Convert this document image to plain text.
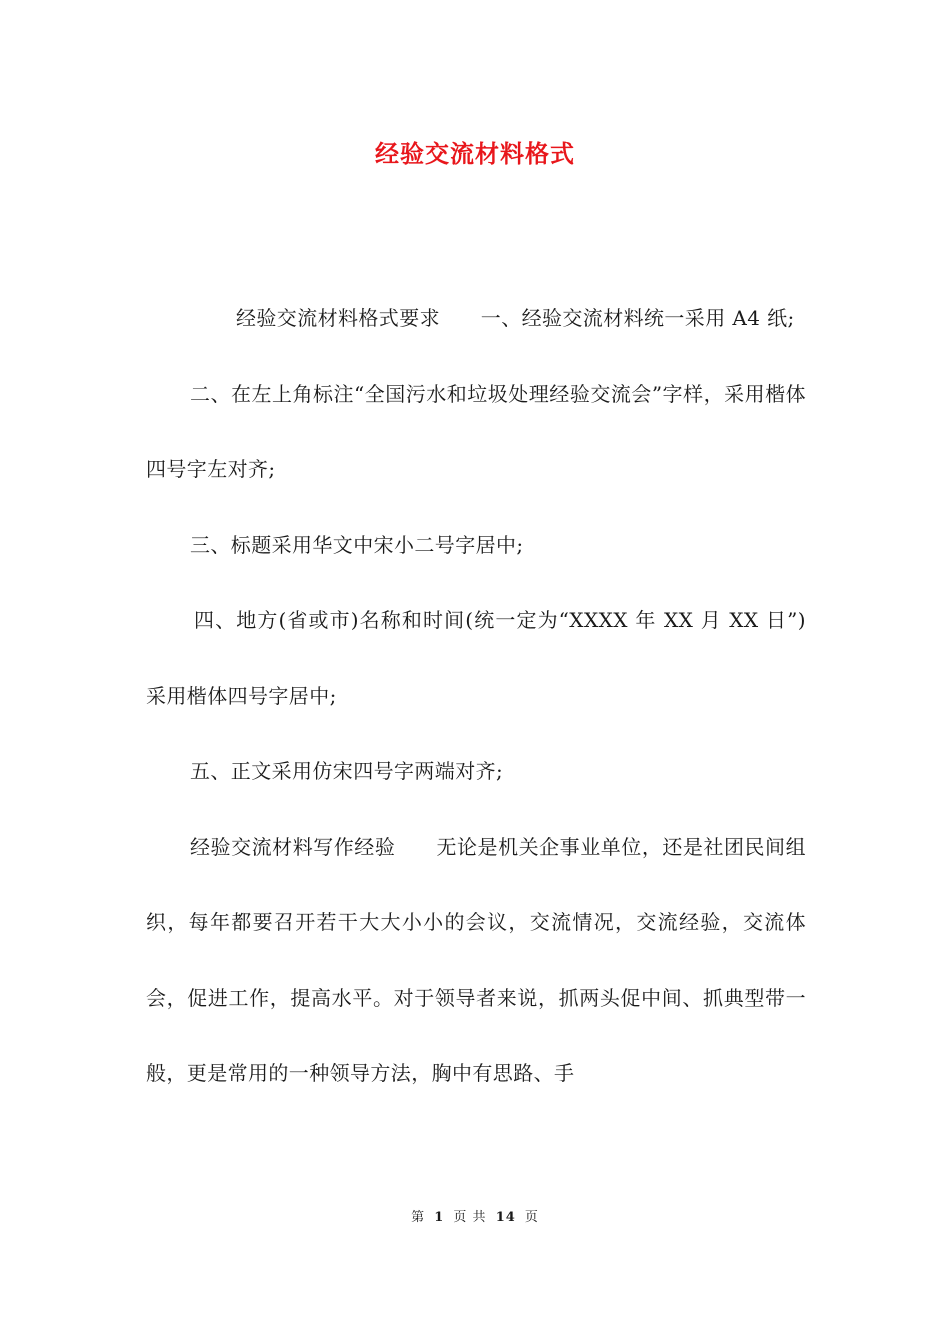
经验交流材料格式

经验交流材料格式要求　　一、经验交流材料统一采用 A4 纸;

二、在左上角标注“全国污水和垃圾处理经验交流会”字样，采用楷体四号字左对齐;

三、标题采用华文中宋小二号字居中;

四、地方(省或市)名称和时间(统一定为“XXXX 年 XX 月 XX 日”)采用楷体四号字居中;

五、正文采用仿宋四号字两端对齐;

经验交流材料写作经验　　无论是机关企事业单位，还是社团民间组织，每年都要召开若干大大小小的会议，交流情况，交流经验，交流体会，促进工作，提高水平。对于领导者来说，抓两头促中间、抓典型带一般，更是常用的一种领导方法，胸中有思路、手

第 1 页 共 14 页
